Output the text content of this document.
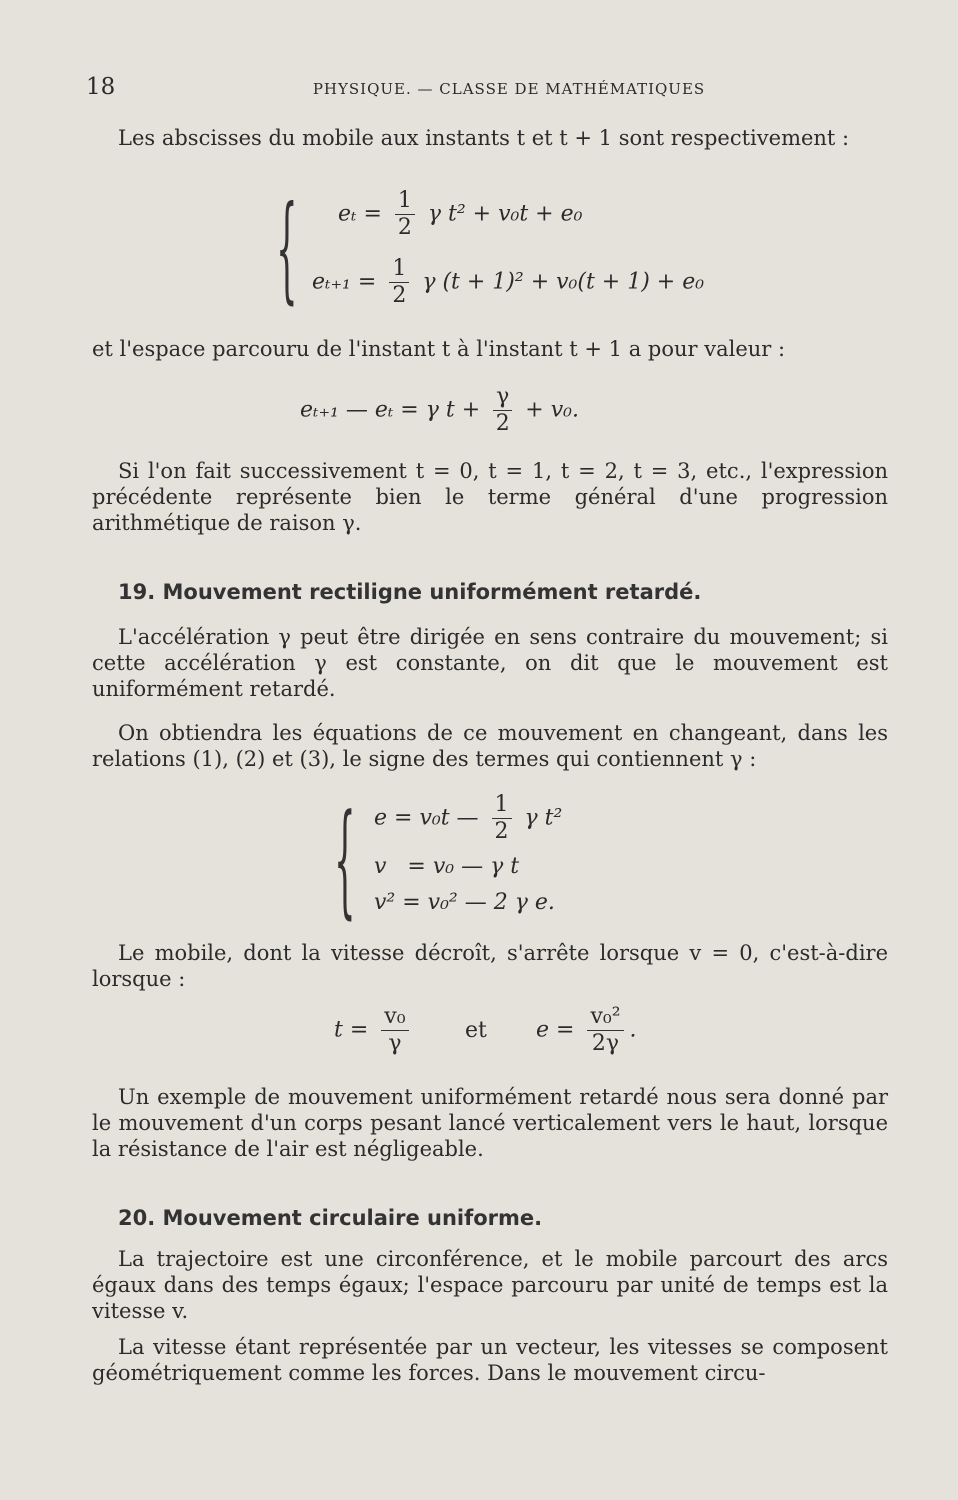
18	PHYSIQUE. — CLASSE DE MATHÉMATIQUES
Les abscisses du mobile aux instants t et t + 1 sont respectivement :
{ $e_t = \frac{1}{2}$ γ t² + v₀t + e₀
$e_{t+1} = \frac{1}{2}$ γ (t + 1)² + v₀(t + 1) + e₀
et l'espace parcouru de l'instant t à l'instant t + 1 a pour valeur :
eₜ₊₁ — eₜ = γ $t + \frac{\gamma}{2} + v_0$.
Si l'on fait successivement t = 0, t = 1, t = 2, t = 3, etc., l'expression précédente représente bien le terme général d'une progression arithmétique de raison γ.
19. Mouvement rectiligne uniformément retardé.
L'accélération γ peut être dirigée en sens contraire du mouvement; si cette accélération γ est constante, on dit que le mouvement est uniformément retardé.
On obtiendra les équations de ce mouvement en changeant, dans les relations (1), (2) et (3), le signe des termes qui contiennent γ :
{ e = v₀t — $\frac{1}{2}$ γ t²
v   = v₀ — γ t
v² = v₀² — 2 γ e.
Le mobile, dont la vitesse décroît, s'arrête lorsque v = 0, c'est-à-dire lorsque :
$t = \frac{\text{v₀}}{\gamma}$	et $e = \frac{\text{v₀²}}{2\gamma}$ .
Un exemple de mouvement uniformément retardé nous sera donné par le mouvement d'un corps pesant lancé verticalement vers le haut, lorsque la résistance de l'air est négligeable.
20. Mouvement circulaire uniforme.
La trajectoire est une circonférence, et le mobile parcourt des arcs égaux dans des temps égaux; l'espace parcouru par unité de temps est la vitesse v.
La vitesse étant représentée par un vecteur, les vitesses se composent géométriquement comme les forces. Dans le mouvement circu-
